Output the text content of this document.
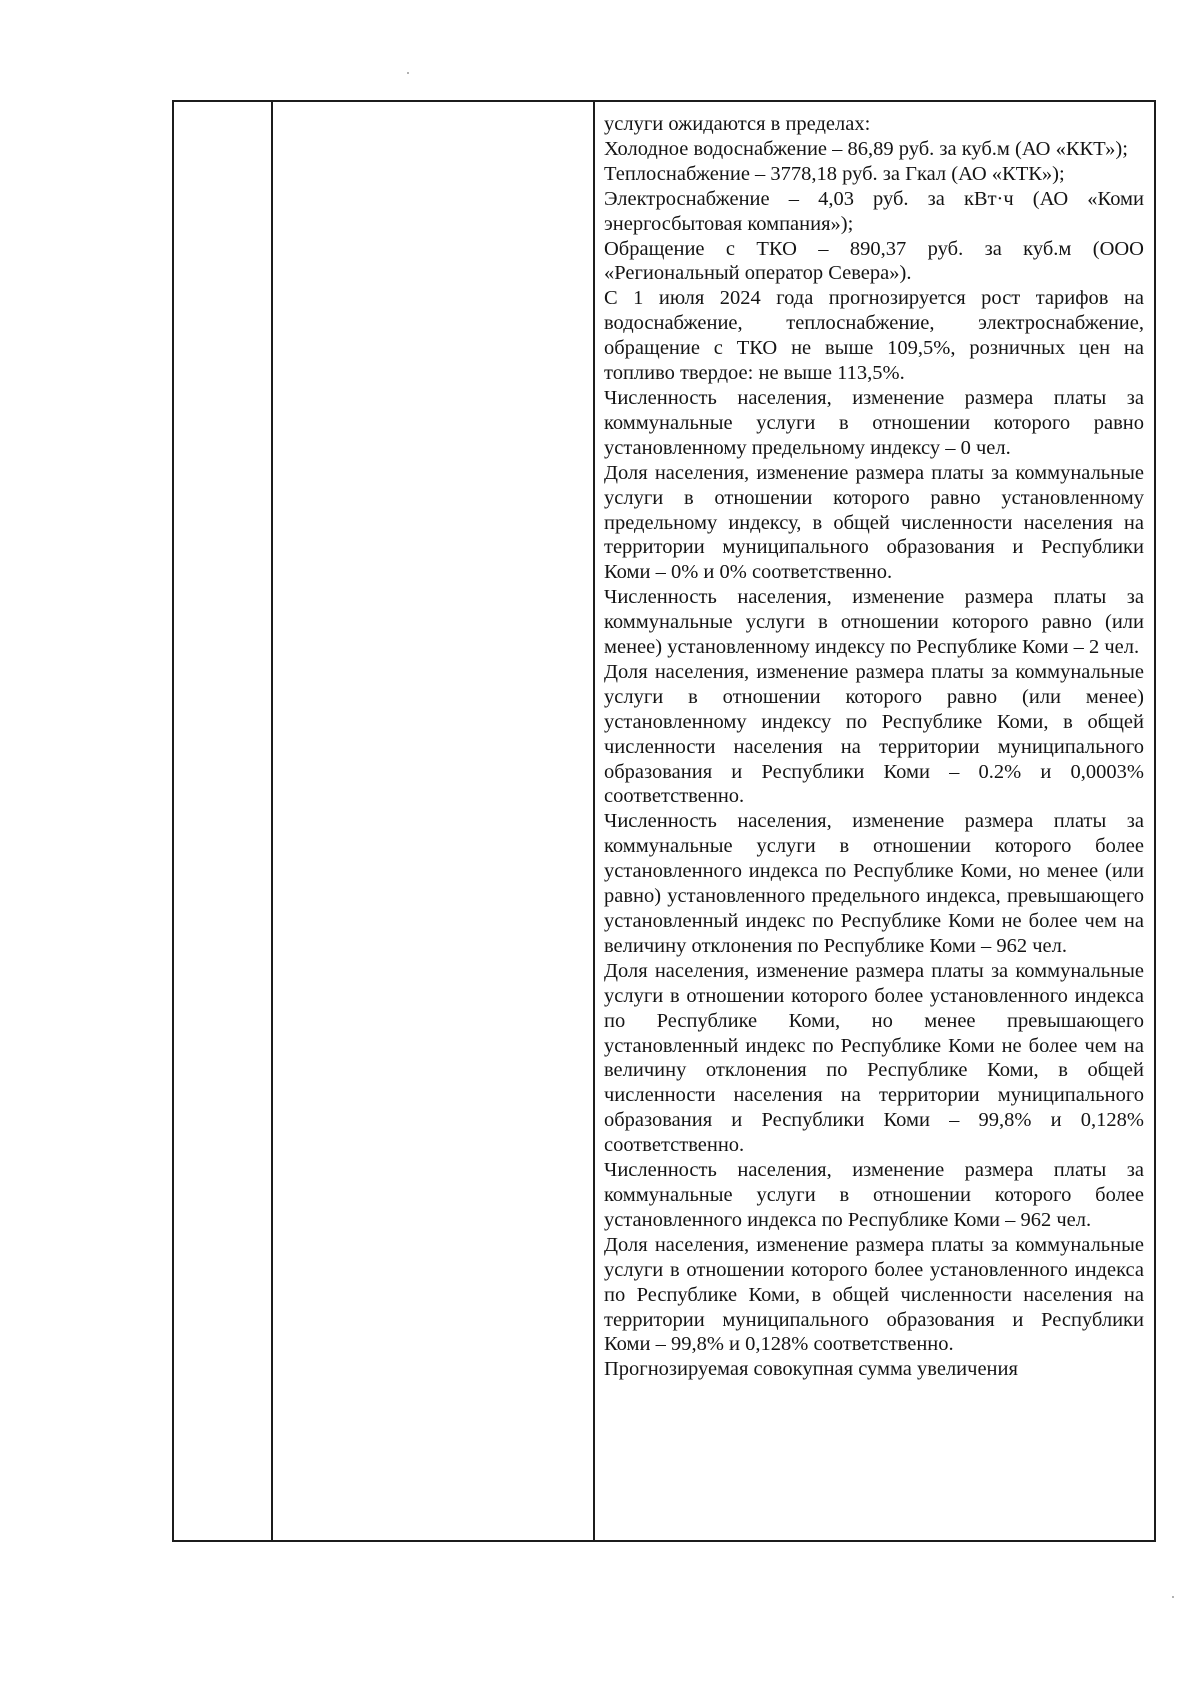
услуги ожидаются в пределах:

Холодное водоснабжение – 86,89 руб. за куб.м (АО «ККТ»);

Теплоснабжение – 3778,18 руб. за Гкал (АО «КТК»);

Электроснабжение – 4,03 руб. за кВт·ч (АО «Коми энергосбытовая компания»);

Обращение с ТКО – 890,37 руб. за куб.м (ООО «Региональный оператор Севера»).

С 1 июля 2024 года прогнозируется рост тарифов на водоснабжение, теплоснабжение, электроснабжение, обращение с ТКО не выше 109,5%, розничных цен на топливо твердое: не выше 113,5%.

Численность населения, изменение размера платы за коммунальные услуги в отношении которого равно установленному предельному индексу – 0 чел.

Доля населения, изменение размера платы за коммунальные услуги в отношении которого равно установленному предельному индексу, в общей численности населения на территории муниципального образования и Республики Коми – 0% и 0% соответственно.

Численность населения, изменение размера платы за коммунальные услуги в отношении которого равно (или менее) установленному индексу по Республике Коми – 2 чел.

Доля населения, изменение размера платы за коммунальные услуги в отношении которого равно (или менее) установленному индексу по Республике Коми, в общей численности населения на территории муниципального образования и Республики Коми – 0.2% и 0,0003% соответственно.

Численность населения, изменение размера платы за коммунальные услуги в отношении которого более установленного индекса по Республике Коми, но менее (или равно) установленного предельного индекса, превышающего установленный индекс по Республике Коми не более чем на величину отклонения по Республике Коми – 962 чел.

Доля населения, изменение размера платы за коммунальные услуги в отношении которого более установленного индекса по Республике Коми, но менее превышающего установленный индекс по Республике Коми не более чем на величину отклонения по Республике Коми, в общей численности населения на территории муниципального образования и Республики Коми – 99,8% и 0,128% соответственно.

Численность населения, изменение размера платы за коммунальные услуги в отношении которого более установленного индекса по Республике Коми – 962 чел.

Доля населения, изменение размера платы за коммунальные услуги в отношении которого более установленного индекса по Республике Коми, в общей численности населения на территории муниципального образования и Республики Коми – 99,8% и 0,128% соответственно.

Прогнозируемая совокупная сумма увеличения
